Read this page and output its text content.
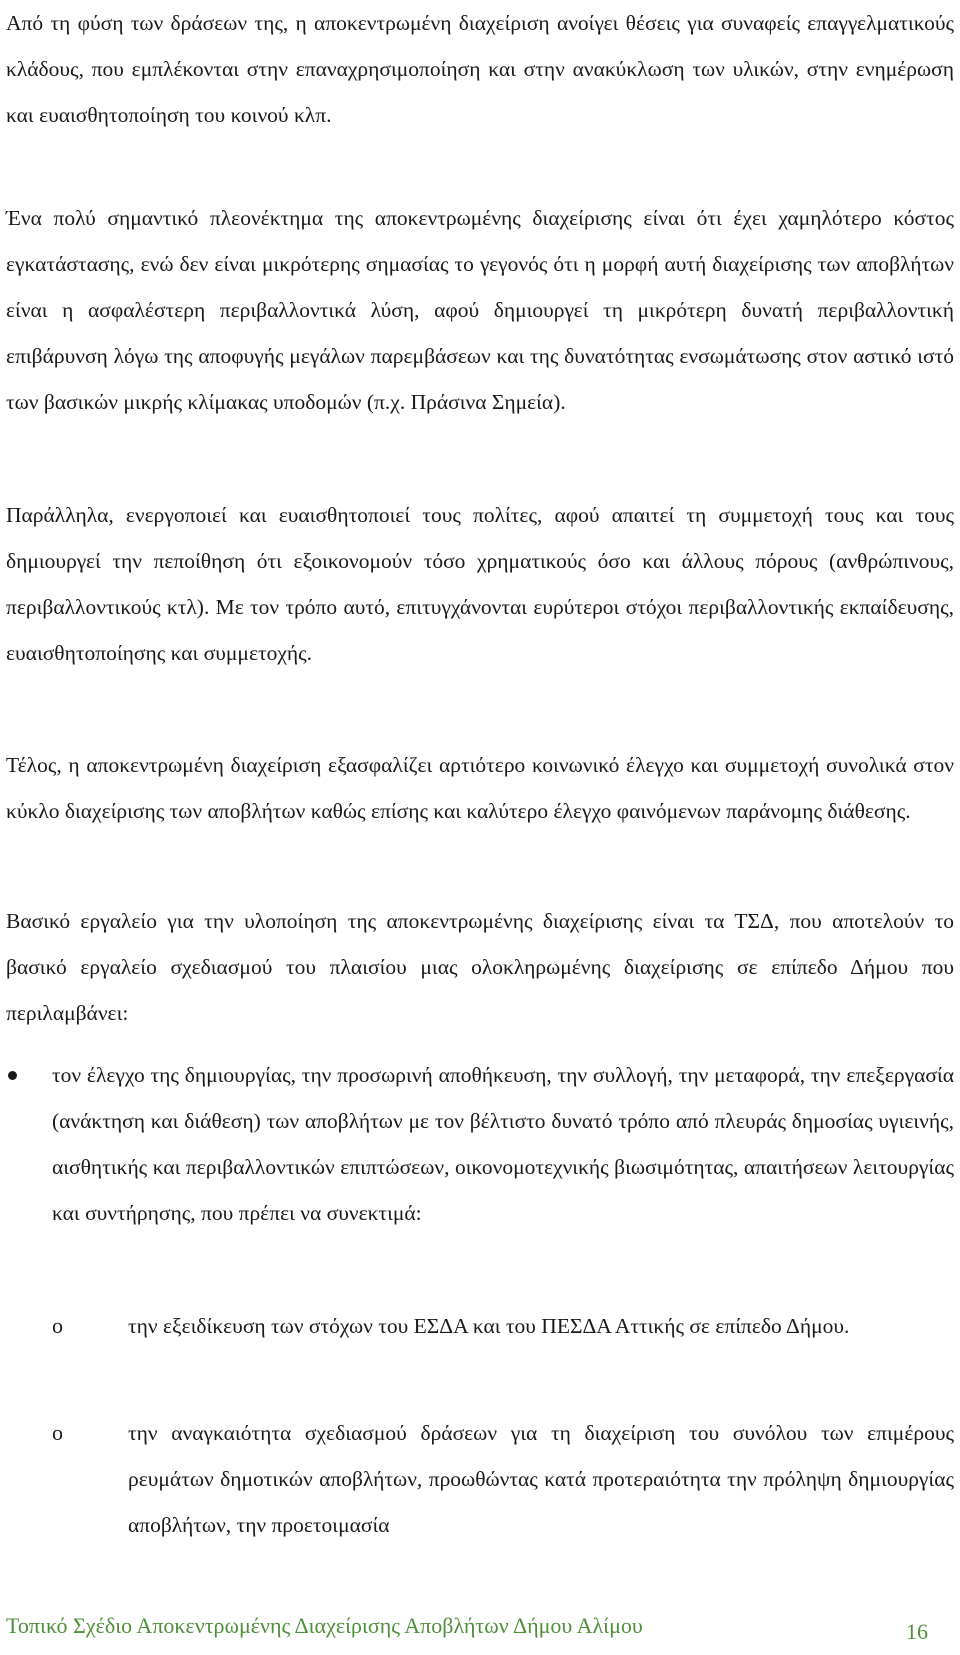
Από τη φύση των δράσεων της, η αποκεντρωμένη διαχείριση ανοίγει θέσεις για συναφείς επαγγελματικούς κλάδους, που εμπλέκονται στην επαναχρησιμοποίηση και στην ανακύκλωση των υλικών, στην ενημέρωση και ευαισθητοποίηση του κοινού κλπ.

Ένα πολύ σημαντικό πλεονέκτημα της αποκεντρωμένης διαχείρισης είναι ότι έχει χαμηλότερο κόστος εγκατάστασης, ενώ δεν είναι μικρότερης σημασίας το γεγονός ότι η μορφή αυτή διαχείρισης των αποβλήτων είναι η ασφαλέστερη περιβαλλοντικά λύση, αφού δημιουργεί τη μικρότερη δυνατή περιβαλλοντική επιβάρυνση λόγω της αποφυγής μεγάλων παρεμβάσεων και της δυνατότητας ενσωμάτωσης στον αστικό ιστό των βασικών μικρής κλίμακας υποδομών (π.χ. Πράσινα Σημεία).

Παράλληλα, ενεργοποιεί και ευαισθητοποιεί τους πολίτες, αφού απαιτεί τη συμμετοχή τους και τους δημιουργεί την πεποίθηση ότι εξοικονομούν τόσο χρηματικούς όσο και άλλους πόρους (ανθρώπινους, περιβαλλοντικούς κτλ). Με τον τρόπο αυτό, επιτυγχάνονται ευρύτεροι στόχοι περιβαλλοντικής εκπαίδευσης, ευαισθητοποίησης και συμμετοχής.

Τέλος, η αποκεντρωμένη διαχείριση εξασφαλίζει αρτιότερο κοινωνικό έλεγχο και συμμετοχή συνολικά στον κύκλο διαχείρισης των αποβλήτων καθώς επίσης και καλύτερο έλεγχο φαινόμενων παράνομης διάθεσης.

Βασικό εργαλείο για την υλοποίηση της αποκεντρωμένης διαχείρισης είναι τα ΤΣΔ, που αποτελούν το βασικό εργαλείο σχεδιασμού του πλαισίου μιας ολοκληρωμένης διαχείρισης σε επίπεδο Δήμου που περιλαμβάνει:

τον έλεγχο της δημιουργίας, την προσωρινή αποθήκευση, την συλλογή, την μεταφορά, την επεξεργασία (ανάκτηση και διάθεση) των αποβλήτων με τον βέλτιστο δυνατό τρόπο από πλευράς δημοσίας υγιεινής, αισθητικής και περιβαλλοντικών επιπτώσεων, οικονομοτεχνικής βιωσιμότητας, απαιτήσεων λειτουργίας και συντήρησης, που πρέπει να συνεκτιμά:

o	την εξειδίκευση των στόχων του ΕΣΔΑ και του ΠΕΣΔΑ Αττικής σε επίπεδο Δήμου.

o	την αναγκαιότητα σχεδιασμού δράσεων για τη διαχείριση του συνόλου των επιμέρους ρευμάτων δημοτικών αποβλήτων, προωθώντας κατά προτεραιότητα την πρόληψη δημιουργίας αποβλήτων, την προετοιμασία

Τοπικό Σχέδιο Αποκεντρωμένης Διαχείρισης Αποβλήτων Δήμου Αλίμου	16
